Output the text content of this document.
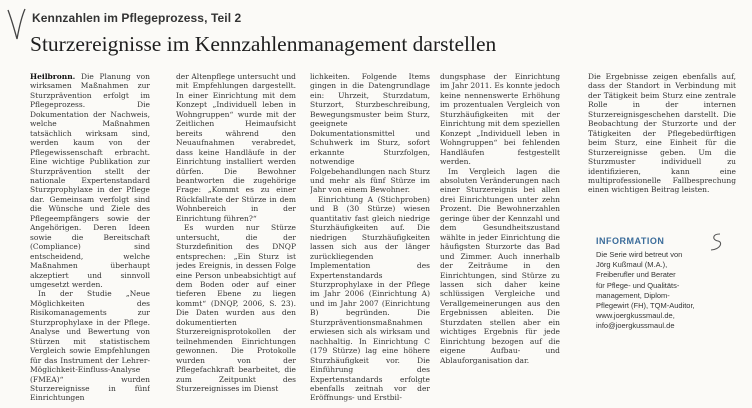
Kennzahlen im Pflegeprozess, Teil 2
Sturzereignisse im Kennzahlenmanagement darstellen

Heilbronn. Die Planung von wirksamen Maßnahmen zur Sturzprävention erfolgt im Pflegeprozess. Die Dokumentation der Nachweis, welche Maßnahmen tatsächlich wirksam sind, werden kaum von der Pflegewissenschaft erbracht. Eine wichtige Publikation zur Sturzprävention stellt der nationale Expertenstandard Sturzprophylaxe in der Pflege dar. Gemeinsam verfolgt sind die Wünsche und Ziele des Pflegeempfängers sowie der Angehörigen. Deren Ideen sowie die Bereitschaft (Compliance) sind entscheidend, welche Maßnahmen überhaupt akzeptiert und sinnvoll umgesetzt werden.

In der Studie „Neue Möglichkeiten des Risikomanagements zur Sturzprophylaxe in der Pflege. Analyse und Bewertung von Stürzen mit statistischem Vergleich sowie Empfehlungen für das Instrument der Lehrer-Möglichkeit-Einfluss-Analyse (FMEA)“ wurden Sturzereignisse in fünf Einrichtungen

der Altenpflege untersucht und mit Empfehlungen dargestellt. In einer Einrichtung mit dem Konzept „Individuell leben in Wohngruppen“ wurde mit der Zeitlichen Heimaufsicht bereits während den Neuaufnahmen verabredet, dass keine Handläufe in der Einrichtung installiert werden dürfen. Die Bewohner beantworten die zugehörige Frage: „Kommt es zu einer Rückfallrate der Stürze in dem Wohnbereich in der Einrichtung führen?“

Es wurden nur Stürze untersucht, die der Sturzdefinition des DNQP entsprechen: „Ein Sturz ist jedes Ereignis, in dessen Folge eine Person unbeabsichtigt auf dem Boden oder auf einer tieferen Ebene zu liegen kommt“ (DNQP, 2006, S. 23). Die Daten wurden aus den dokumentierten Sturzereignisprotokollen der teilnehmenden Einrichtungen gewonnen. Die Protokolle wurden von der Pflegefachkraft bearbeitet, die zum Zeitpunkt des Sturzereignisses im Dienst

lichkeiten. Folgende Items gingen in die Datengrundlage ein: Uhrzeit, Sturzdatum, Sturzort, Sturzbeschreibung, Bewegungsmuster beim Sturz, geeignete Dokumentationsmittel und Schuhwerk im Sturz, sofort erkannte Sturzfolgen, notwendige Folgebehandlungen nach Sturz und mehr als fünf Stürze im Jahr von einem Bewohner.

Einrichtung A (Stichproben) und B (30 Stürze) wiesen quantitativ fast gleich niedrige Sturzhäufigkeiten auf. Die niedrigen Sturzhäufigkeiten lassen sich aus der länger zurückliegenden Implementation des Expertenstandards Sturzprophylaxe in der Pflege im Jahr 2006 (Einrichtung A) und im Jahr 2007 (Einrichtung B) begründen. Die Sturzpräventionsmaßnahmen erwiesen sich als wirksam und nachhaltig. In Einrichtung C (179 Stürze) lag eine höhere Sturzhäufigkeit vor. Die Einführung des Expertenstandards erfolgte ebenfalls zeitnah vor der Eröffnungs- und Erstbil-

dungsphase der Einrichtung im Jahr 2011. Es konnte jedoch keine nennenswerte Erhöhung im prozentualen Vergleich von Sturzhäufigkeiten mit der Einrichtung mit dem speziellen Konzept „Individuell leben in Wohngruppen“ bei fehlenden Handläufen festgestellt werden.

Im Vergleich lagen die absoluten Veränderungen nach einer Sturzereignis bei allen drei Einrichtungen unter zehn Prozent. Die Bewohnerzahlen geringe über der Kennzahl und dem Gesundheitszustand wählte in jeder Einrichtung die häufigsten Sturzorte das Bad und Zimmer. Auch innerhalb der Zeiträume in den Einrichtungen, sind Stürze zu lassen sich daher keine schlüssigen Vergleiche und Verallgemeinerungen aus den Ergebnissen ableiten. Die Sturzdaten stellen aber ein wichtiges Ergebnis für jede Einrichtung bezogen auf die eigene Aufbau- und Ablauforganisation dar.

Die Ergebnisse zeigen ebenfalls auf, dass der Standort in Verbindung mit der Tätigkeit beim Sturz eine zentrale Rolle in der internen Sturzereignisgeschehen darstellt. Die Beobachtung der Sturzorte und der Tätigkeiten der Pflegebedürftigen beim Sturz, eine Einheit für die Sturzereignisse geben. Um die Sturzmuster individuell zu identifizieren, kann eine multiprofessionelle Fallbesprechung einen wichtigen Beitrag leisten.

INFORMATION
Die Serie wird betreut von
Jörg Kußmaul (M.A.),
Freiberufler und Berater
für Pflege- und Qualitäts-
management, Diplom-
Pflegewirt (FH), TQM-Auditor,
www.joergkussmaul.de,
info@joergkussmaul.de
